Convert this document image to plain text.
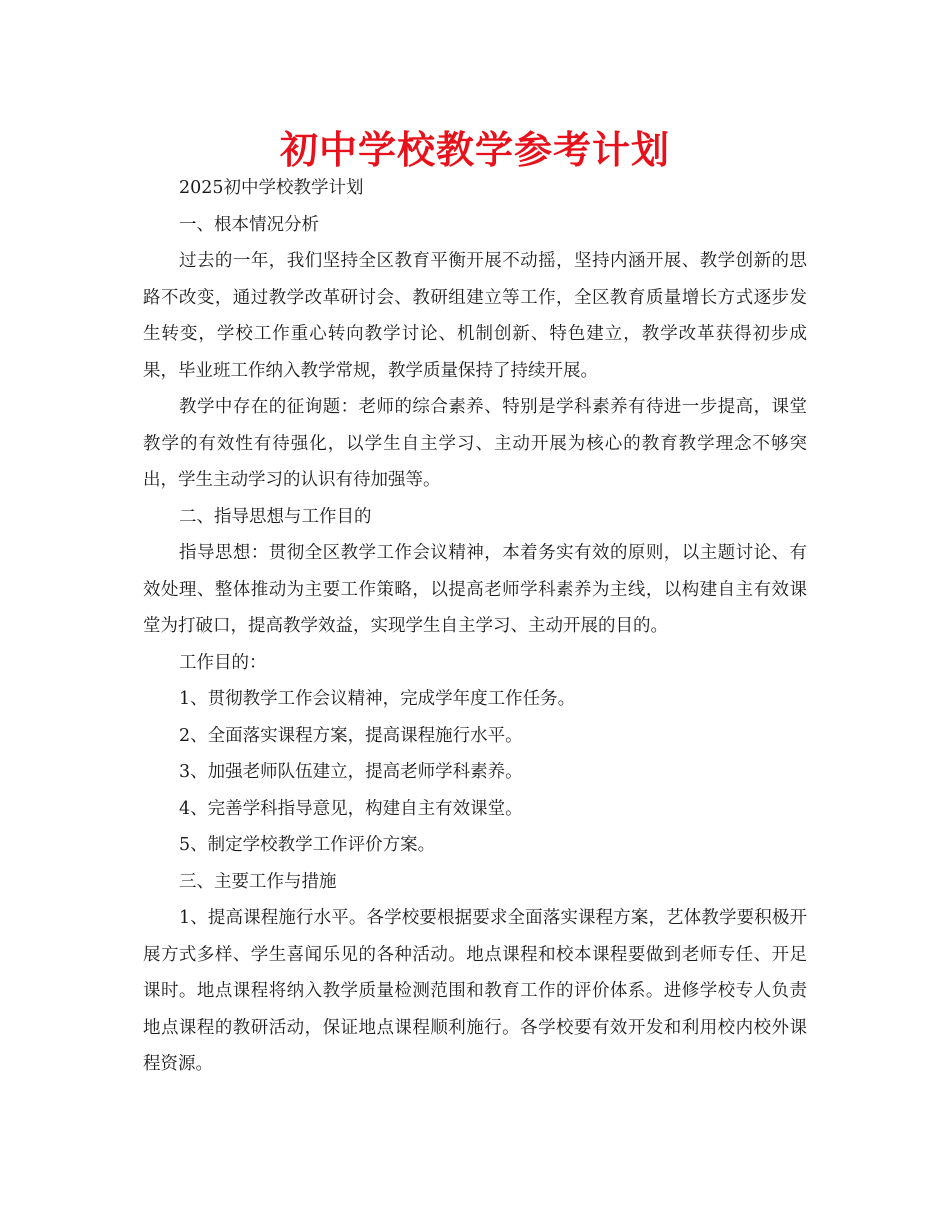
初中学校教学参考计划

2025初中学校教学计划

一、根本情况分析

过去的一年，我们坚持全区教育平衡开展不动摇，坚持内涵开展、教学创新的思路不改变，通过教学改革研讨会、教研组建立等工作，全区教育质量增长方式逐步发生转变，学校工作重心转向教学讨论、机制创新、特色建立，教学改革获得初步成果，毕业班工作纳入教学常规，教学质量保持了持续开展。

教学中存在的征询题：老师的综合素养、特别是学科素养有待进一步提高，课堂教学的有效性有待强化，以学生自主学习、主动开展为核心的教育教学理念不够突出，学生主动学习的认识有待加强等。

二、指导思想与工作目的

指导思想：贯彻全区教学工作会议精神，本着务实有效的原则，以主题讨论、有效处理、整体推动为主要工作策略，以提高老师学科素养为主线，以构建自主有效课堂为打破口，提高教学效益，实现学生自主学习、主动开展的目的。

工作目的：

1、贯彻教学工作会议精神，完成学年度工作任务。

2、全面落实课程方案，提高课程施行水平。

3、加强老师队伍建立，提高老师学科素养。

4、完善学科指导意见，构建自主有效课堂。

5、制定学校教学工作评价方案。

三、主要工作与措施

1、提高课程施行水平。各学校要根据要求全面落实课程方案，艺体教学要积极开展方式多样、学生喜闻乐见的各种活动。地点课程和校本课程要做到老师专任、开足课时。地点课程将纳入教学质量检测范围和教育工作的评价体系。进修学校专人负责地点课程的教研活动，保证地点课程顺利施行。各学校要有效开发和利用校内校外课程资源。
